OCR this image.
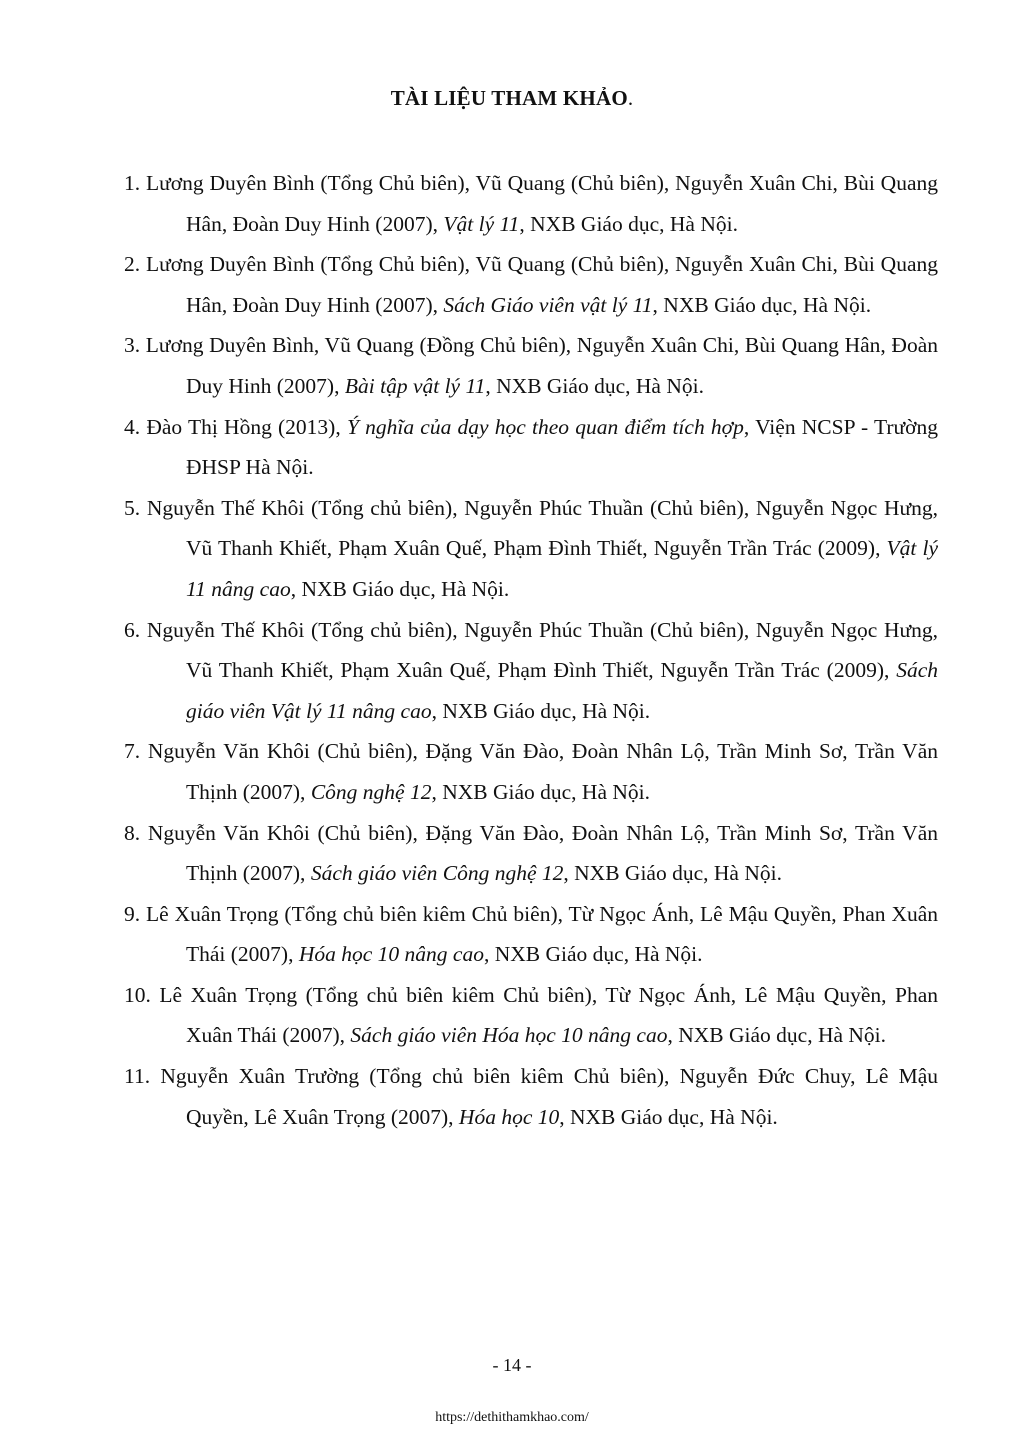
TÀI LIỆU THAM KHẢO.
1. Lương Duyên Bình (Tổng Chủ biên), Vũ Quang (Chủ biên), Nguyễn Xuân Chi, Bùi Quang Hân, Đoàn Duy Hinh (2007), Vật lý 11, NXB Giáo dục, Hà Nội.
2. Lương Duyên Bình (Tổng Chủ biên), Vũ Quang (Chủ biên), Nguyễn Xuân Chi, Bùi Quang Hân, Đoàn Duy Hinh (2007), Sách Giáo viên vật lý 11, NXB Giáo dục, Hà Nội.
3. Lương Duyên Bình, Vũ Quang (Đồng Chủ biên), Nguyễn Xuân Chi, Bùi Quang Hân, Đoàn Duy Hinh (2007), Bài tập vật lý 11, NXB Giáo dục, Hà Nội.
4. Đào Thị Hồng (2013), Ý nghĩa của dạy học theo quan điểm tích hợp, Viện NCSP - Trường ĐHSP Hà Nội.
5. Nguyễn Thế Khôi (Tổng chủ biên), Nguyễn Phúc Thuần (Chủ biên), Nguyễn Ngọc Hưng, Vũ Thanh Khiết, Phạm Xuân Quế, Phạm Đình Thiết, Nguyễn Trần Trác (2009), Vật lý 11 nâng cao, NXB Giáo dục, Hà Nội.
6. Nguyễn Thế Khôi (Tổng chủ biên), Nguyễn Phúc Thuần (Chủ biên), Nguyễn Ngọc Hưng, Vũ Thanh Khiết, Phạm Xuân Quế, Phạm Đình Thiết, Nguyễn Trần Trác (2009), Sách giáo viên Vật lý 11 nâng cao, NXB Giáo dục, Hà Nội.
7. Nguyễn Văn Khôi (Chủ biên), Đặng Văn Đào, Đoàn Nhân Lộ, Trần Minh Sơ, Trần Văn Thịnh (2007), Công nghệ 12, NXB Giáo dục, Hà Nội.
8. Nguyễn Văn Khôi (Chủ biên), Đặng Văn Đào, Đoàn Nhân Lộ, Trần Minh Sơ, Trần Văn Thịnh (2007), Sách giáo viên Công nghệ 12, NXB Giáo dục, Hà Nội.
9. Lê Xuân Trọng (Tổng chủ biên kiêm Chủ biên), Từ Ngọc Ánh, Lê Mậu Quyền, Phan Xuân Thái (2007), Hóa học 10 nâng cao, NXB Giáo dục, Hà Nội.
10. Lê Xuân Trọng (Tổng chủ biên kiêm Chủ biên), Từ Ngọc Ánh, Lê Mậu Quyền, Phan Xuân Thái (2007), Sách giáo viên Hóa học 10 nâng cao, NXB Giáo dục, Hà Nội.
11. Nguyễn Xuân Trường (Tổng chủ biên kiêm Chủ biên), Nguyễn Đức Chuy, Lê Mậu Quyền, Lê Xuân Trọng (2007), Hóa học 10, NXB Giáo dục, Hà Nội.
- 14 -
https://dethithamkhao.com/
